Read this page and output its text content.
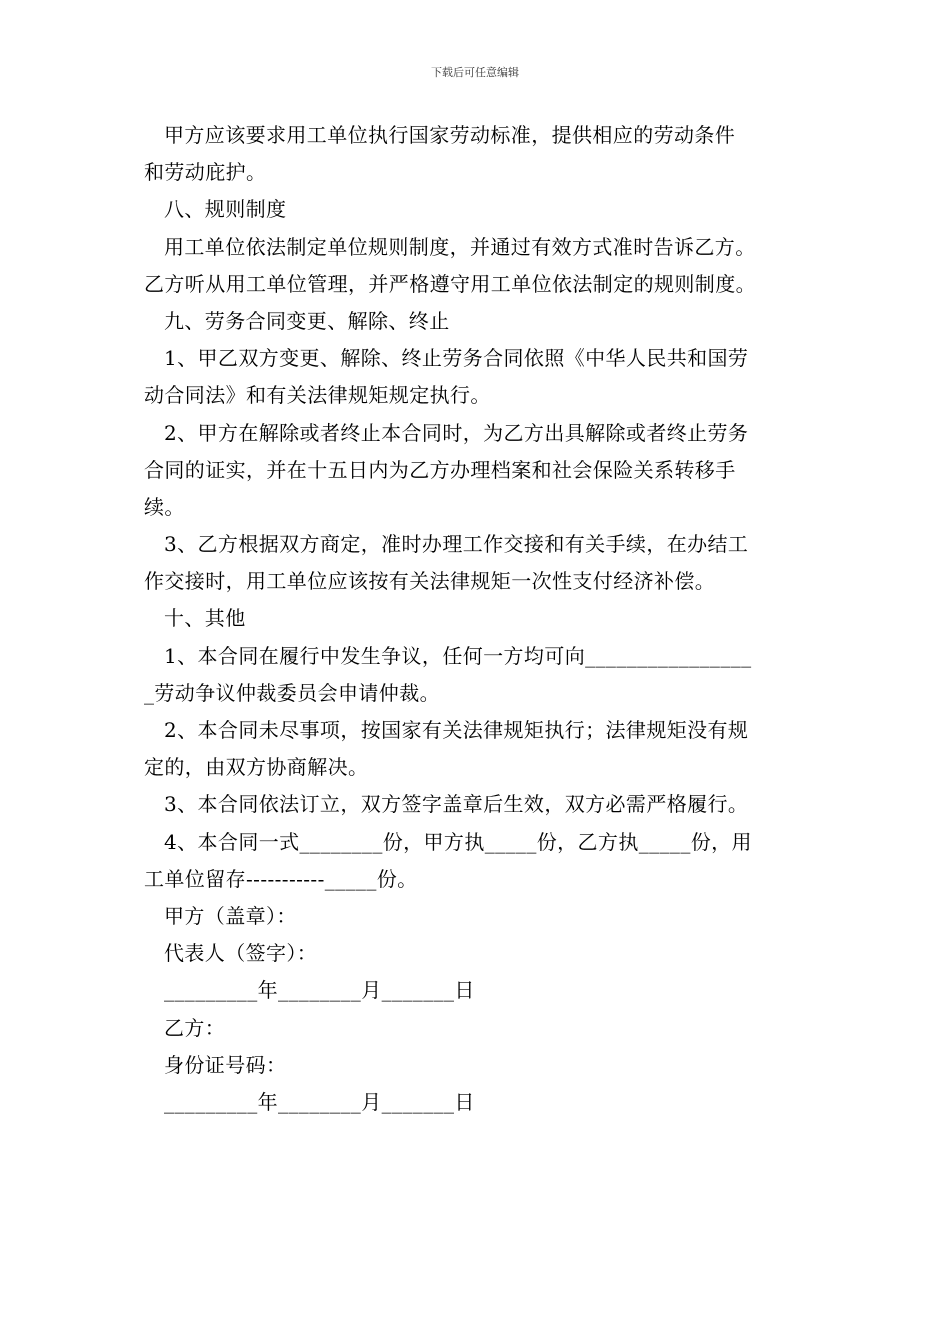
下载后可任意编辑
甲方应该要求用工单位执行国家劳动标准，提供相应的劳动条件
和劳动庇护。
八、规则制度
用工单位依法制定单位规则制度，并通过有效方式准时告诉乙方。
乙方听从用工单位管理，并严格遵守用工单位依法制定的规则制度。
九、劳务合同变更、解除、终止
1、甲乙双方变更、解除、终止劳务合同依照《中华人民共和国劳
动合同法》和有关法律规矩规定执行。
2、甲方在解除或者终止本合同时，为乙方出具解除或者终止劳务
合同的证实，并在十五日内为乙方办理档案和社会保险关系转移手
续。
3、乙方根据双方商定，准时办理工作交接和有关手续，在办结工
作交接时，用工单位应该按有关法律规矩一次性支付经济补偿。
十、其他
1、本合同在履行中发生争议，任何一方均可向________________
_劳动争议仲裁委员会申请仲裁。
2、本合同未尽事项，按国家有关法律规矩执行；法律规矩没有规
定的，由双方协商解决。
3、本合同依法订立，双方签字盖章后生效，双方必需严格履行。
4、本合同一式________份，甲方执_____份，乙方执_____份，用
工单位留存-----------_____份。
甲方（盖章）：
代表人（签字）：
_________年________月_______日
乙方：
身份证号码：
_________年________月_______日
